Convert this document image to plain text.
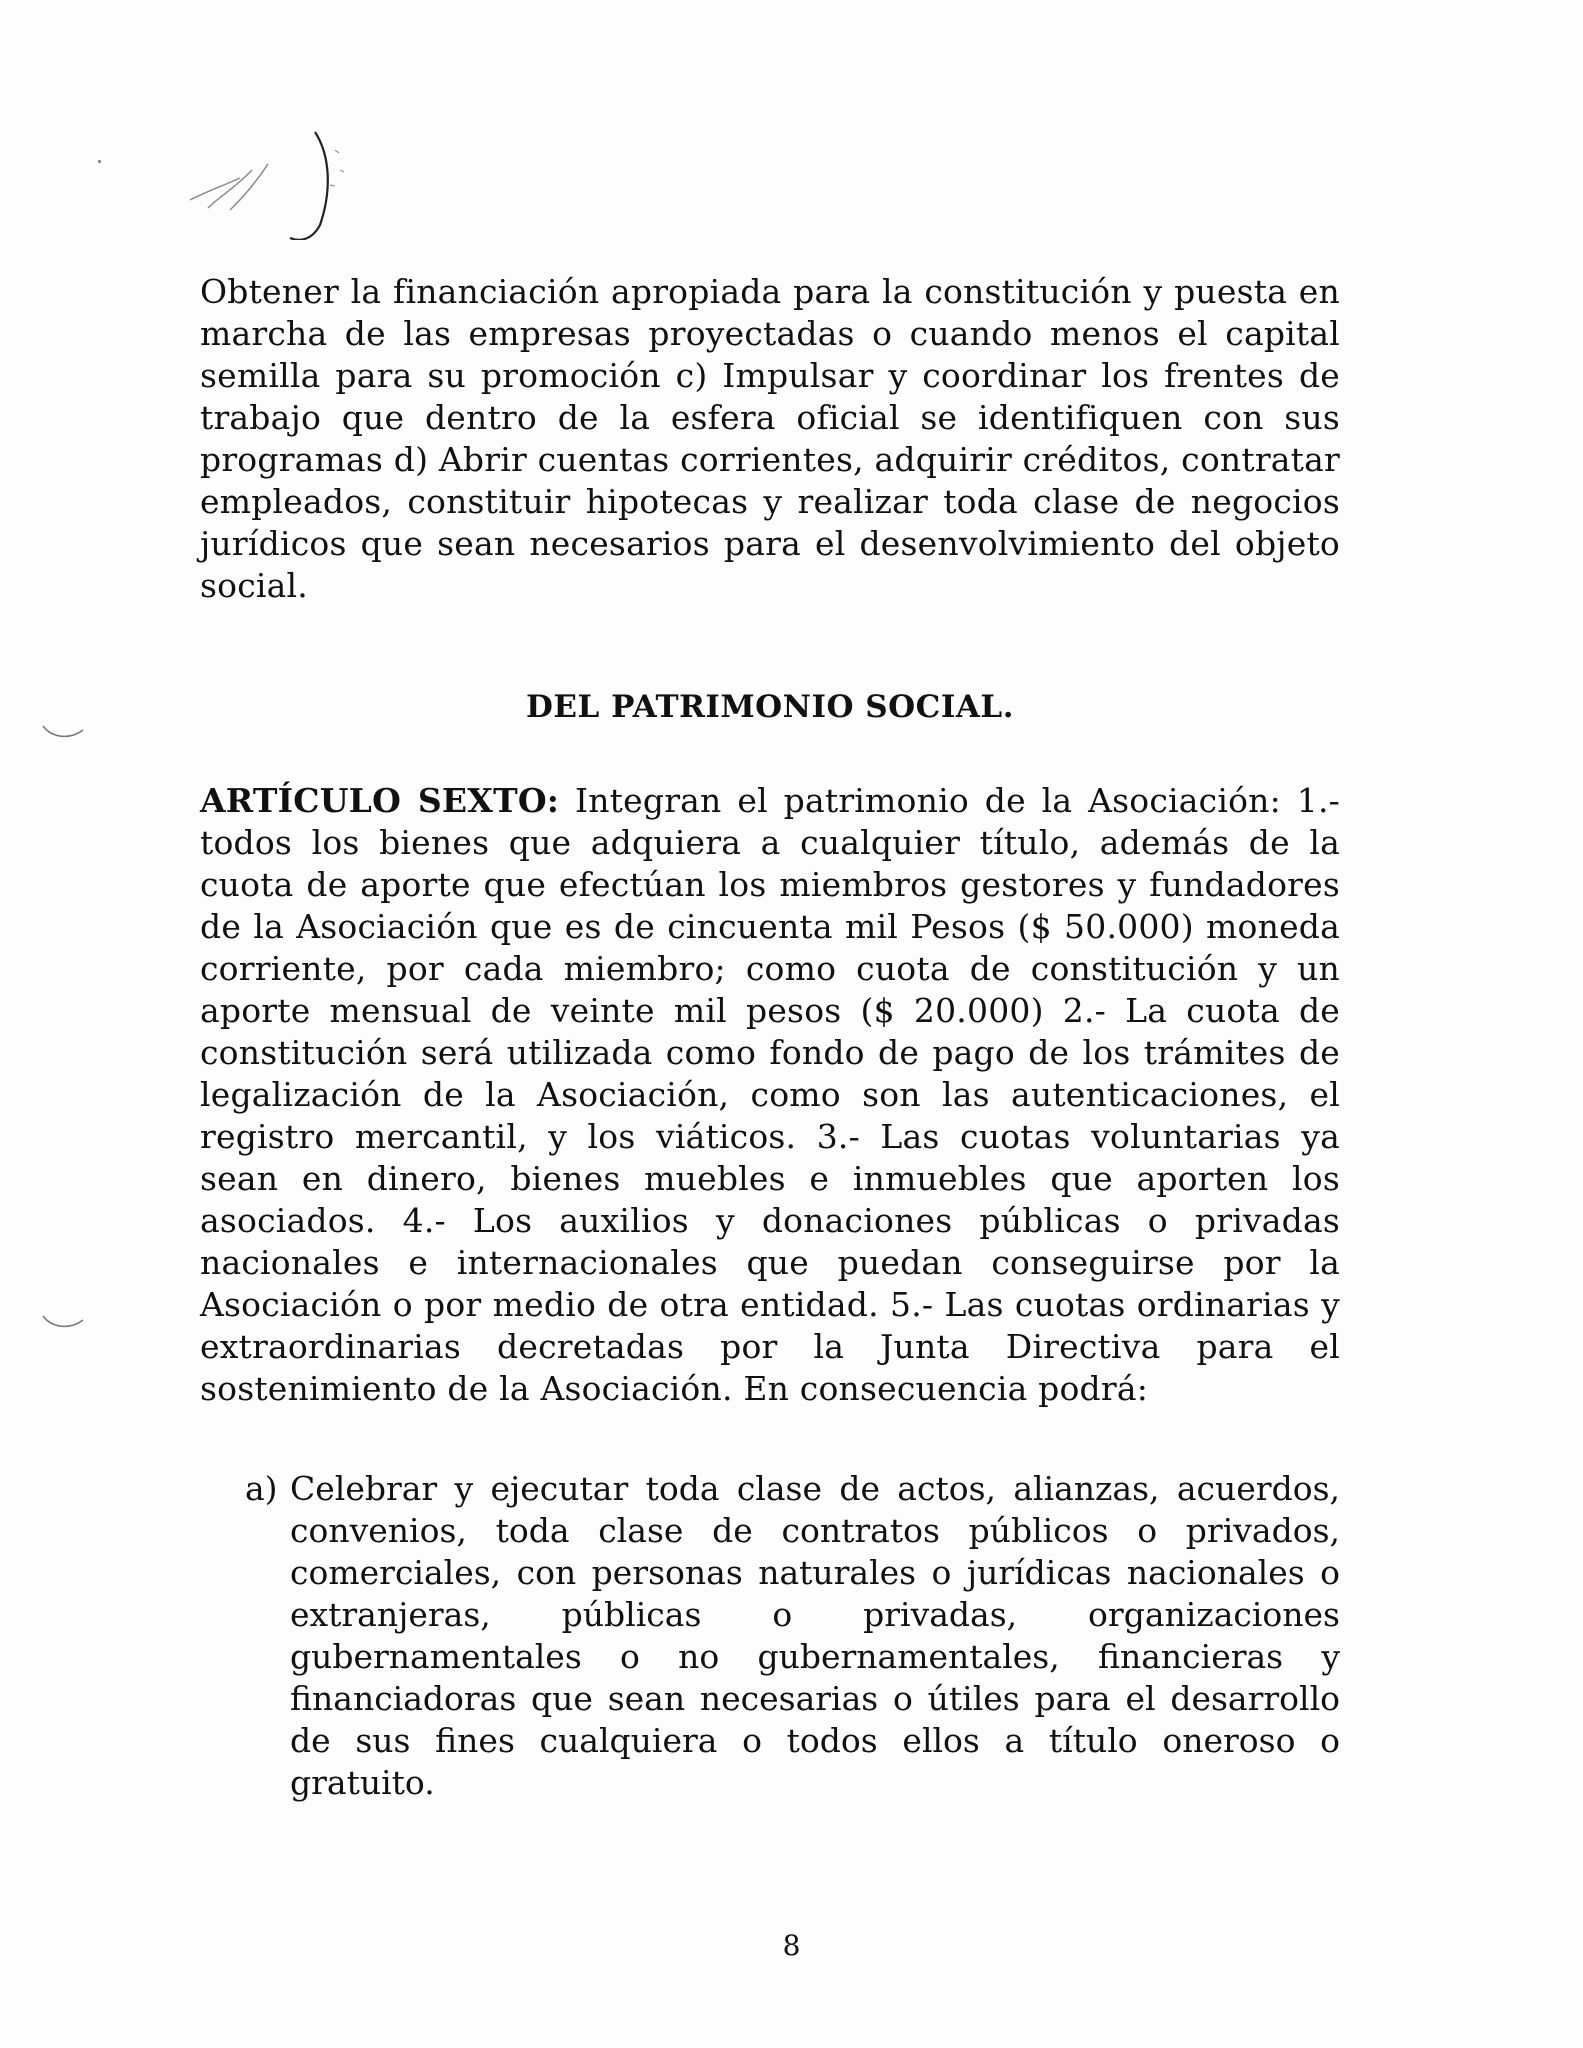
Obtener la financiación apropiada para la constitución y puesta en marcha de las empresas proyectadas o cuando menos el capital semilla para su promoción c) Impulsar y coordinar los frentes de trabajo que dentro de la esfera oficial se identifiquen con sus programas d) Abrir cuentas corrientes, adquirir créditos, contratar empleados, constituir hipotecas y realizar toda clase de negocios jurídicos que sean necesarios para el desenvolvimiento del objeto social.

DEL PATRIMONIO SOCIAL.

ARTÍCULO SEXTO: Integran el patrimonio de la Asociación: 1.- todos los bienes que adquiera a cualquier título, además de la cuota de aporte que efectúan los miembros gestores y fundadores de la Asociación que es de cincuenta mil Pesos ($ 50.000) moneda corriente, por cada miembro; como cuota de constitución y un aporte mensual de veinte mil pesos ($ 20.000) 2.- La cuota de constitución será utilizada como fondo de pago de los trámites de legalización de la Asociación, como son las autenticaciones, el registro mercantil, y los viáticos. 3.- Las cuotas voluntarias ya sean en dinero, bienes muebles e inmuebles que aporten los asociados. 4.- Los auxilios y donaciones públicas o privadas nacionales e internacionales que puedan conseguirse por la Asociación o por medio de otra entidad. 5.- Las cuotas ordinarias y extraordinarias decretadas por la Junta Directiva para el sostenimiento de la Asociación. En consecuencia podrá:

a) Celebrar y ejecutar toda clase de actos, alianzas, acuerdos, convenios, toda clase de contratos públicos o privados, comerciales, con personas naturales o jurídicas nacionales o extranjeras, públicas o privadas, organizaciones gubernamentales o no gubernamentales, financieras y financiadoras que sean necesarias o útiles para el desarrollo de sus fines cualquiera o todos ellos a título oneroso o gratuito.
8
